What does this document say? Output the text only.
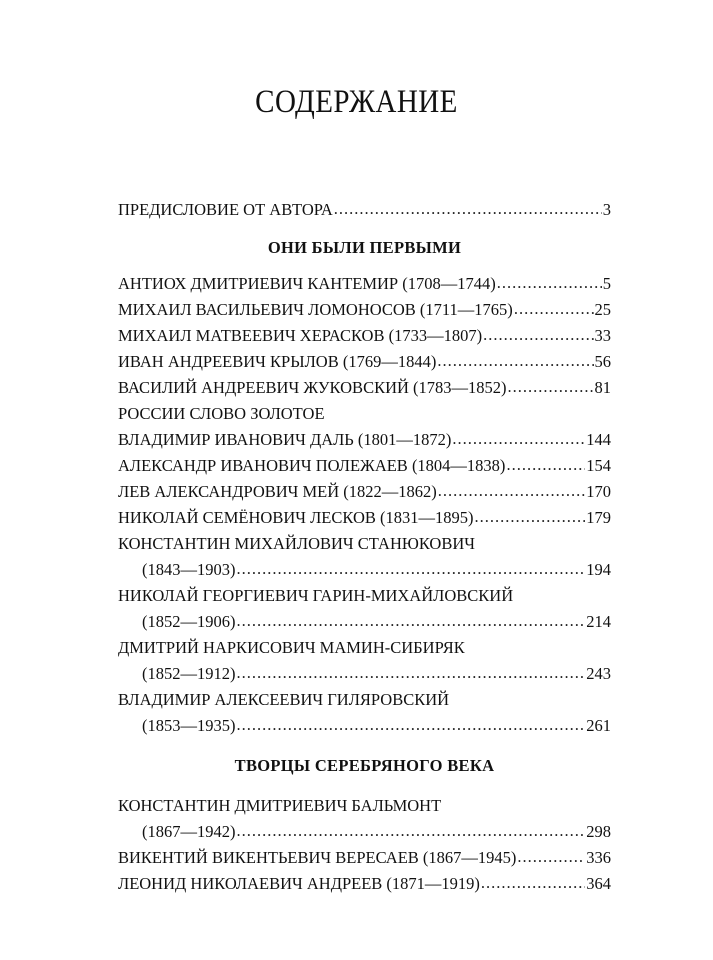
СОДЕРЖАНИЕ
ПРЕДИСЛОВИЕ ОТ АВТОРА .....	3
ОНИ БЫЛИ ПЕРВЫМИ
АНТИОХ ДМИТРИЕВИЧ КАНТЕМИР (1708—1744) .....	5
МИХАИЛ ВАСИЛЬЕВИЧ ЛОМОНОСОВ (1711—1765) .....	25
МИХАИЛ МАТВЕЕВИЧ ХЕРАСКОВ (1733—1807) .....	33
ИВАН АНДРЕЕВИЧ КРЫЛОВ (1769—1844) .....	56
ВАСИЛИЙ АНДРЕЕВИЧ ЖУКОВСКИЙ (1783—1852) .....	81
РОССИИ СЛОВО ЗОЛОТОЕ
ВЛАДИМИР ИВАНОВИЧ ДАЛЬ (1801—1872) .....	144
АЛЕКСАНДР ИВАНОВИЧ ПОЛЕЖАЕВ (1804—1838) .....	154
ЛЕВ АЛЕКСАНДРОВИЧ МЕЙ (1822—1862) .....	170
НИКОЛАЙ СЕМЁНОВИЧ ЛЕСКОВ (1831—1895) .....	179
КОНСТАНТИН МИХАЙЛОВИЧ СТАНЮКОВИЧ
(1843—1903) .....	194
НИКОЛАЙ ГЕОРГИЕВИЧ ГАРИН-МИХАЙЛОВСКИЙ
(1852—1906) .....	214
ДМИТРИЙ НАРКИСОВИЧ МАМИН-СИБИРЯК
(1852—1912) .....	243
ВЛАДИМИР АЛЕКСЕЕВИЧ ГИЛЯРОВСКИЙ
(1853—1935) .....	261
ТВОРЦЫ СЕРЕБРЯНОГО ВЕКА
КОНСТАНТИН ДМИТРИЕВИЧ БАЛЬМОНТ
(1867—1942) .....	298
ВИКЕНТИЙ ВИКЕНТЬЕВИЧ ВЕРЕСАЕВ (1867—1945) .....	336
ЛЕОНИД НИКОЛАЕВИЧ АНДРЕЕВ (1871—1919) .....	364
